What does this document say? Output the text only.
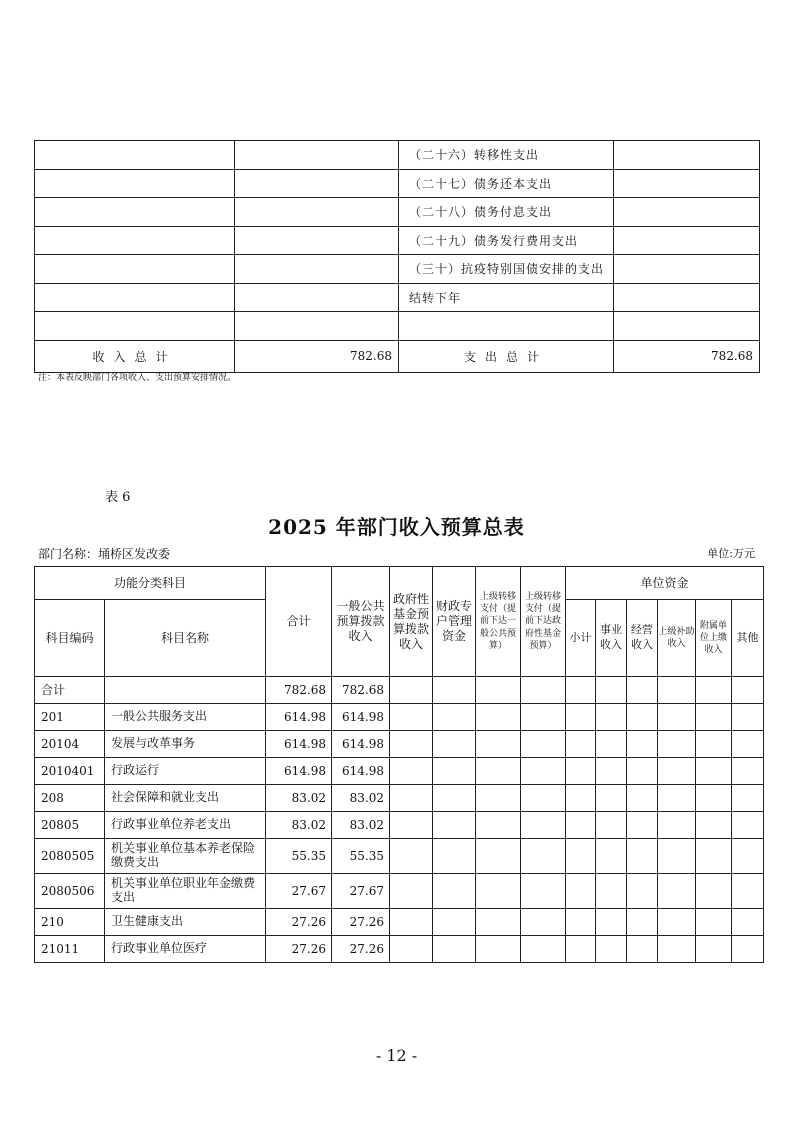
		（二十六）转移性支出	
		（二十七）债务还本支出	
		（二十八）债务付息支出	
		（二十九）债务发行费用支出	
		（三十）抗疫特别国债安排的支出	
		结转下年	

收入总计	782.68	支出总计	782.68
注：本表反映部门各项收入、支出预算安排情况。
表 6
2025 年部门收入预算总表
部门名称：埇桥区发改委	单位:万元
功能分类科目		合计	一般公共预算拨款收入	政府性基金预算拨款收入	财政专户管理资金	上级转移支付（提前下达一般公共预算）	上级转移支付（提前下达政府性基金预算）	单位资金					
科目编码	科目名称							小计	事业收入	经营收入	上级补助收入	附属单位上缴收入	其他
合计		782.68	782.68										
201	一般公共服务支出	614.98	614.98										
20104	发展与改革事务	614.98	614.98										
2010401	行政运行	614.98	614.98										
208	社会保障和就业支出	83.02	83.02										
20805	行政事业单位养老支出	83.02	83.02										
2080505	机关事业单位基本养老保险缴费支出	55.35	55.35										
2080506	机关事业单位职业年金缴费支出	27.67	27.67										
210	卫生健康支出	27.26	27.26										
21011	行政事业单位医疗	27.26	27.26										
- 12 -
